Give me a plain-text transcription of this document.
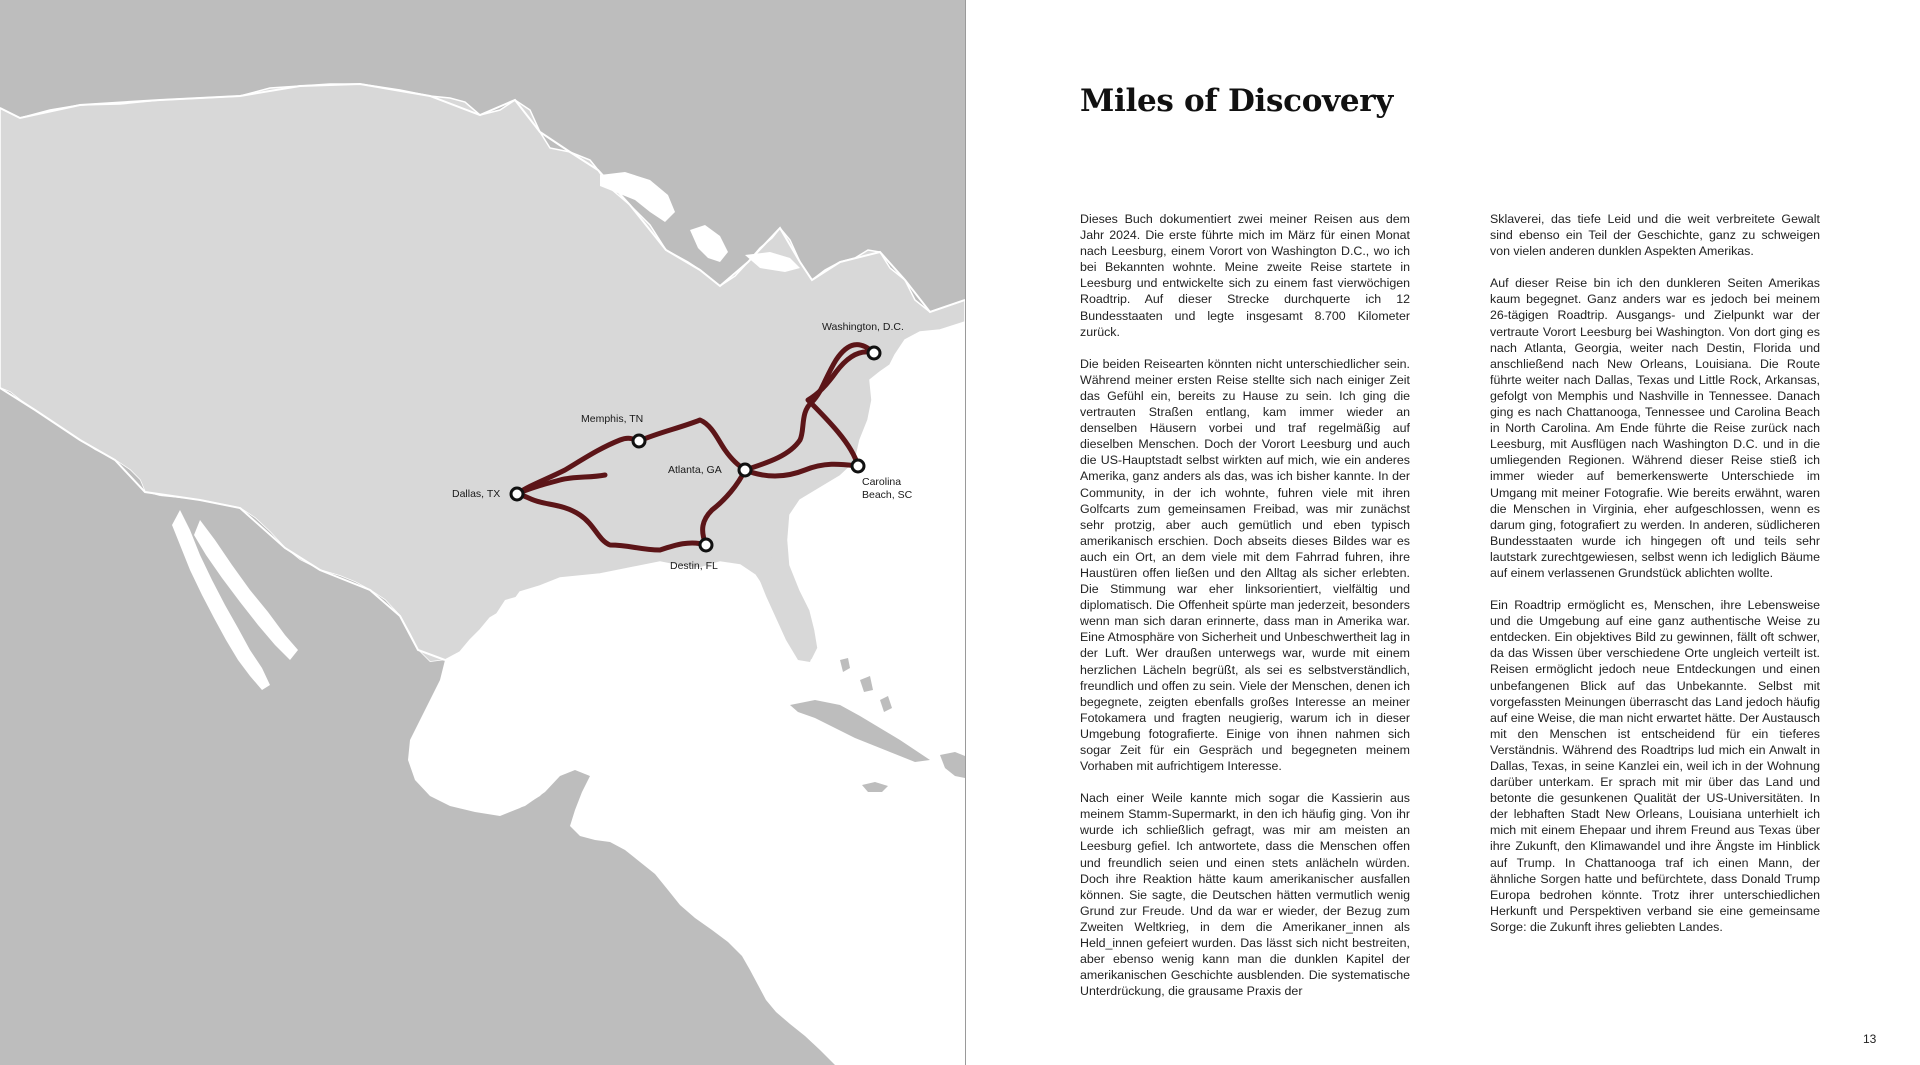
Washington, D.C.
Memphis, TN
Atlanta, GA
Carolina
Beach, SC
Dallas, TX
Destin, FL
Miles of Discovery

Dieses Buch dokumentiert zwei meiner Reisen aus dem Jahr 2024. Die erste führte mich im März für einen Monat nach Leesburg, einem Vorort von Washington D.C., wo ich bei Bekannten wohnte. Meine zweite Reise startete in Leesburg und entwickelte sich zu einem fast vierwöchigen Roadtrip. Auf dieser Strecke durchquerte ich 12 Bundesstaaten und legte insgesamt 8.700 Kilometer zurück.

Die beiden Reisearten könnten nicht unterschiedlicher sein. Während meiner ersten Reise stellte sich nach einiger Zeit das Gefühl ein, bereits zu Hause zu sein. Ich ging die vertrauten Straßen entlang, kam immer wieder an denselben Häusern vorbei und traf regelmäßig auf dieselben Menschen. Doch der Vorort Leesburg und auch die US-Hauptstadt selbst wirkten auf mich, wie ein anderes Amerika, ganz anders als das, was ich bisher kannte. In der Community, in der ich wohnte, fuhren viele mit ihren Golfcarts zum gemeinsamen Freibad, was mir zunächst sehr protzig, aber auch gemütlich und eben typisch amerikanisch erschien. Doch abseits dieses Bildes war es auch ein Ort, an dem viele mit dem Fahrrad fuhren, ihre Haustüren offen ließen und den Alltag als sicher erlebten. Die Stimmung war eher linksorientiert, vielfältig und diplomatisch. Die Offenheit spürte man jederzeit, besonders wenn man sich daran erinnerte, dass man in Amerika war. Eine Atmosphäre von Sicherheit und Unbeschwertheit lag in der Luft. Wer draußen unterwegs war, wurde mit einem herzlichen Lächeln begrüßt, als sei es selbstverständlich, freundlich und offen zu sein. Viele der Menschen, denen ich begegnete, zeigten ebenfalls großes Interesse an meiner Fotokamera und fragten neugierig, warum ich in dieser Umgebung fotografierte. Einige von ihnen nahmen sich sogar Zeit für ein Gespräch und begegneten meinem Vorhaben mit aufrichtigem Interesse.

Nach einer Weile kannte mich sogar die Kassierin aus meinem Stamm-Supermarkt, in den ich häufig ging. Von ihr wurde ich schließlich gefragt, was mir am meisten an Leesburg gefiel. Ich antwortete, dass die Menschen offen und freundlich seien und einen stets anlächeln würden. Doch ihre Reaktion hätte kaum amerikanischer ausfallen können. Sie sagte, die Deutschen hätten vermutlich wenig Grund zur Freude. Und da war er wieder, der Bezug zum Zweiten Weltkrieg, in dem die Amerikaner_innen als Held_innen gefeiert wurden. Das lässt sich nicht bestreiten, aber ebenso wenig kann man die dunklen Kapitel der amerikanischen Geschichte ausblenden. Die systematische Unterdrückung, die grausame Praxis der

Sklaverei, das tiefe Leid und die weit verbreitete Gewalt sind ebenso ein Teil der Geschichte, ganz zu schweigen von vielen anderen dunklen Aspekten Amerikas.

Auf dieser Reise bin ich den dunkleren Seiten Amerikas kaum begegnet. Ganz anders war es jedoch bei meinem 26-tägigen Roadtrip. Ausgangs- und Zielpunkt war der vertraute Vorort Leesburg bei Washington. Von dort ging es nach Atlanta, Georgia, weiter nach Destin, Florida und anschließend nach New Orleans, Louisiana. Die Route führte weiter nach Dallas, Texas und Little Rock, Arkansas, gefolgt von Memphis und Nashville in Tennessee. Danach ging es nach Chattanooga, Tennessee und Carolina Beach in North Carolina. Am Ende führte die Reise zurück nach Leesburg, mit Ausflügen nach Washington D.C. und in die umliegenden Regionen. Während dieser Reise stieß ich immer wieder auf bemerkenswerte Unterschiede im Umgang mit meiner Fotografie. Wie bereits erwähnt, waren die Menschen in Virginia, eher aufgeschlossen, wenn es darum ging, fotografiert zu werden. In anderen, südlicheren Bundesstaaten wurde ich hingegen oft und teils sehr lautstark zurechtgewiesen, selbst wenn ich lediglich Bäume auf einem verlassenen Grundstück ablichten wollte.

Ein Roadtrip ermöglicht es, Menschen, ihre Lebensweise und die Umgebung auf eine ganz authentische Weise zu entdecken. Ein objektives Bild zu gewinnen, fällt oft schwer, da das Wissen über verschiedene Orte ungleich verteilt ist. Reisen ermöglicht jedoch neue Entdeckungen und einen unbefangenen Blick auf das Unbekannte. Selbst mit vorgefassten Meinungen überrascht das Land jedoch häufig auf eine Weise, die man nicht erwartet hätte. Der Austausch mit den Menschen ist entscheidend für ein tieferes Verständnis. Während des Roadtrips lud mich ein Anwalt in Dallas, Texas, in seine Kanzlei ein, weil ich in der Wohnung darüber unterkam. Er sprach mit mir über das Land und betonte die gesunkenen Qualität der US-Universitäten. In der lebhaften Stadt New Orleans, Louisiana unterhielt ich mich mit einem Ehepaar und ihrem Freund aus Texas über ihre Zukunft, den Klimawandel und ihre Ängste im Hinblick auf Trump. In Chattanooga traf ich einen Mann, der ähnliche Sorgen hatte und befürchtete, dass Donald Trump Europa bedrohen könnte. Trotz ihrer unterschiedlichen Herkunft und Perspektiven verband sie eine gemeinsame Sorge: die Zukunft ihres geliebten Landes.

13
